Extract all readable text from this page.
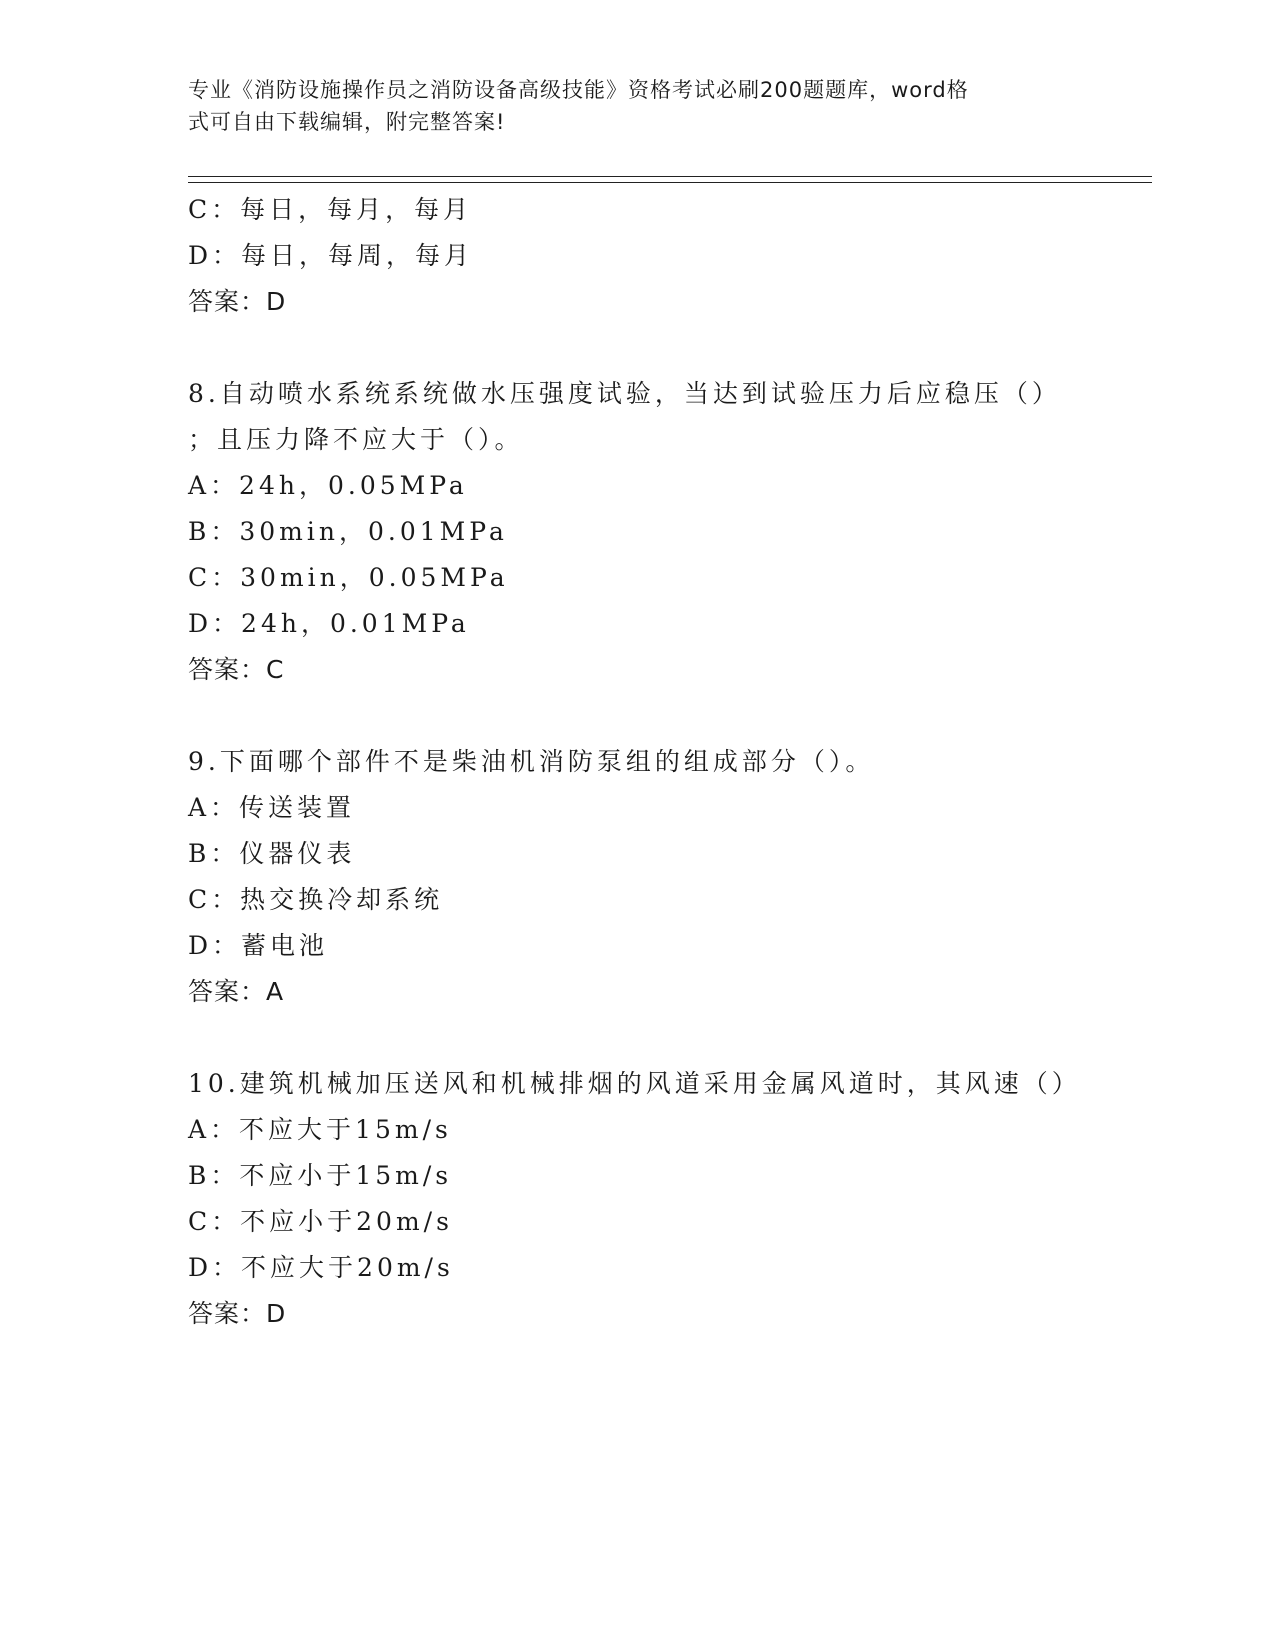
专业《消防设施操作员之消防设备高级技能》资格考试必刷200题题库，word格
式可自由下载编辑，附完整答案!
C：每日，每月，每月
D：每日，每周，每月
答案：D
8.自动喷水系统系统做水压强度试验，当达到试验压力后应稳压（）
；且压力降不应大于（）。
A：24h，0.05MPa
B：30min，0.01MPa
C：30min，0.05MPa
D：24h，0.01MPa
答案：C
9.下面哪个部件不是柴油机消防泵组的组成部分（）。
A：传送装置
B：仪器仪表
C：热交换冷却系统
D：蓄电池
答案：A
10.建筑机械加压送风和机械排烟的风道采用金属风道时，其风速（）
A：不应大于15m/s
B：不应小于15m/s
C：不应小于20m/s
D：不应大于20m/s
答案：D
